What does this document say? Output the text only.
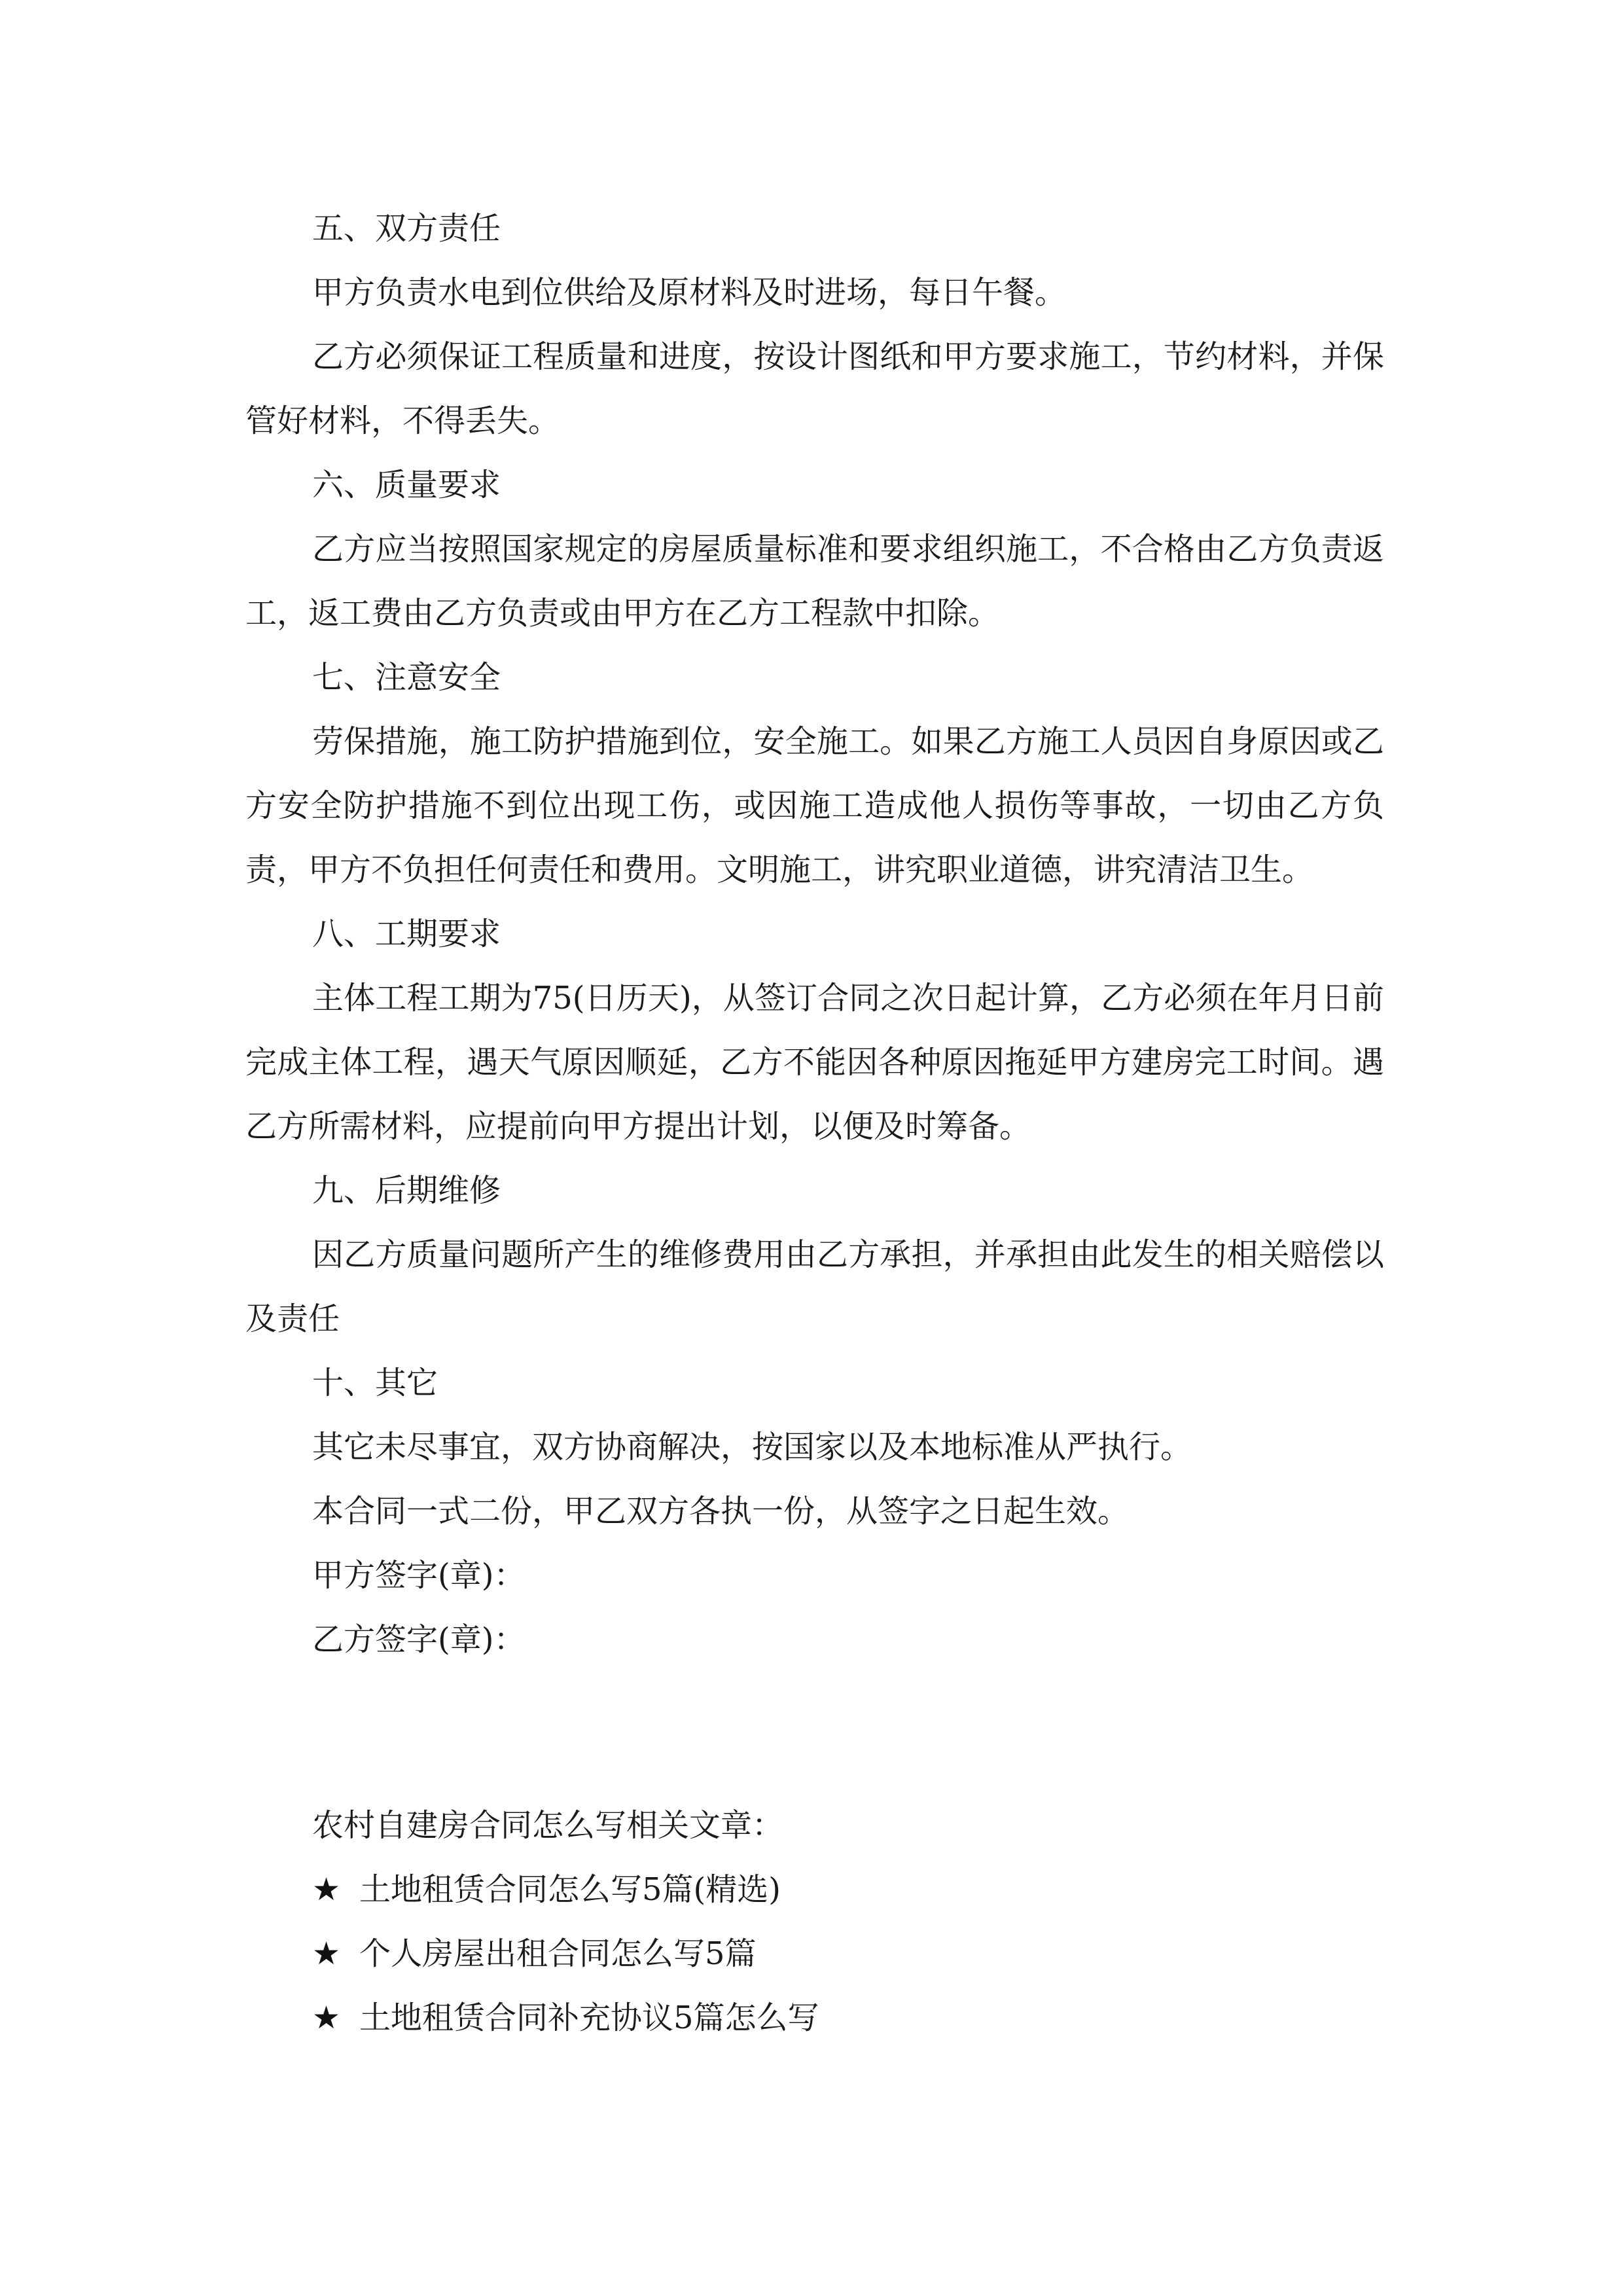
五、双方责任

甲方负责水电到位供给及原材料及时进场，每日午餐。

乙方必须保证工程质量和进度，按设计图纸和甲方要求施工，节约材料，并保管好材料，不得丢失。

六、质量要求

乙方应当按照国家规定的房屋质量标准和要求组织施工，不合格由乙方负责返工，返工费由乙方负责或由甲方在乙方工程款中扣除。

七、注意安全

劳保措施，施工防护措施到位，安全施工。如果乙方施工人员因自身原因或乙方安全防护措施不到位出现工伤，或因施工造成他人损伤等事故，一切由乙方负责，甲方不负担任何责任和费用。文明施工，讲究职业道德，讲究清洁卫生。

八、工期要求

主体工程工期为75(日历天)，从签订合同之次日起计算，乙方必须在年月日前完成主体工程，遇天气原因顺延，乙方不能因各种原因拖延甲方建房完工时间。遇乙方所需材料，应提前向甲方提出计划，以便及时筹备。

九、后期维修

因乙方质量问题所产生的维修费用由乙方承担，并承担由此发生的相关赔偿以及责任

十、其它

其它未尽事宜，双方协商解决，按国家以及本地标准从严执行。

本合同一式二份，甲乙双方各执一份，从签字之日起生效。

甲方签字(章)：

乙方签字(章)：

农村自建房合同怎么写相关文章：

★ 土地租赁合同怎么写5篇(精选)
★ 个人房屋出租合同怎么写5篇
★ 土地租赁合同补充协议5篇怎么写
